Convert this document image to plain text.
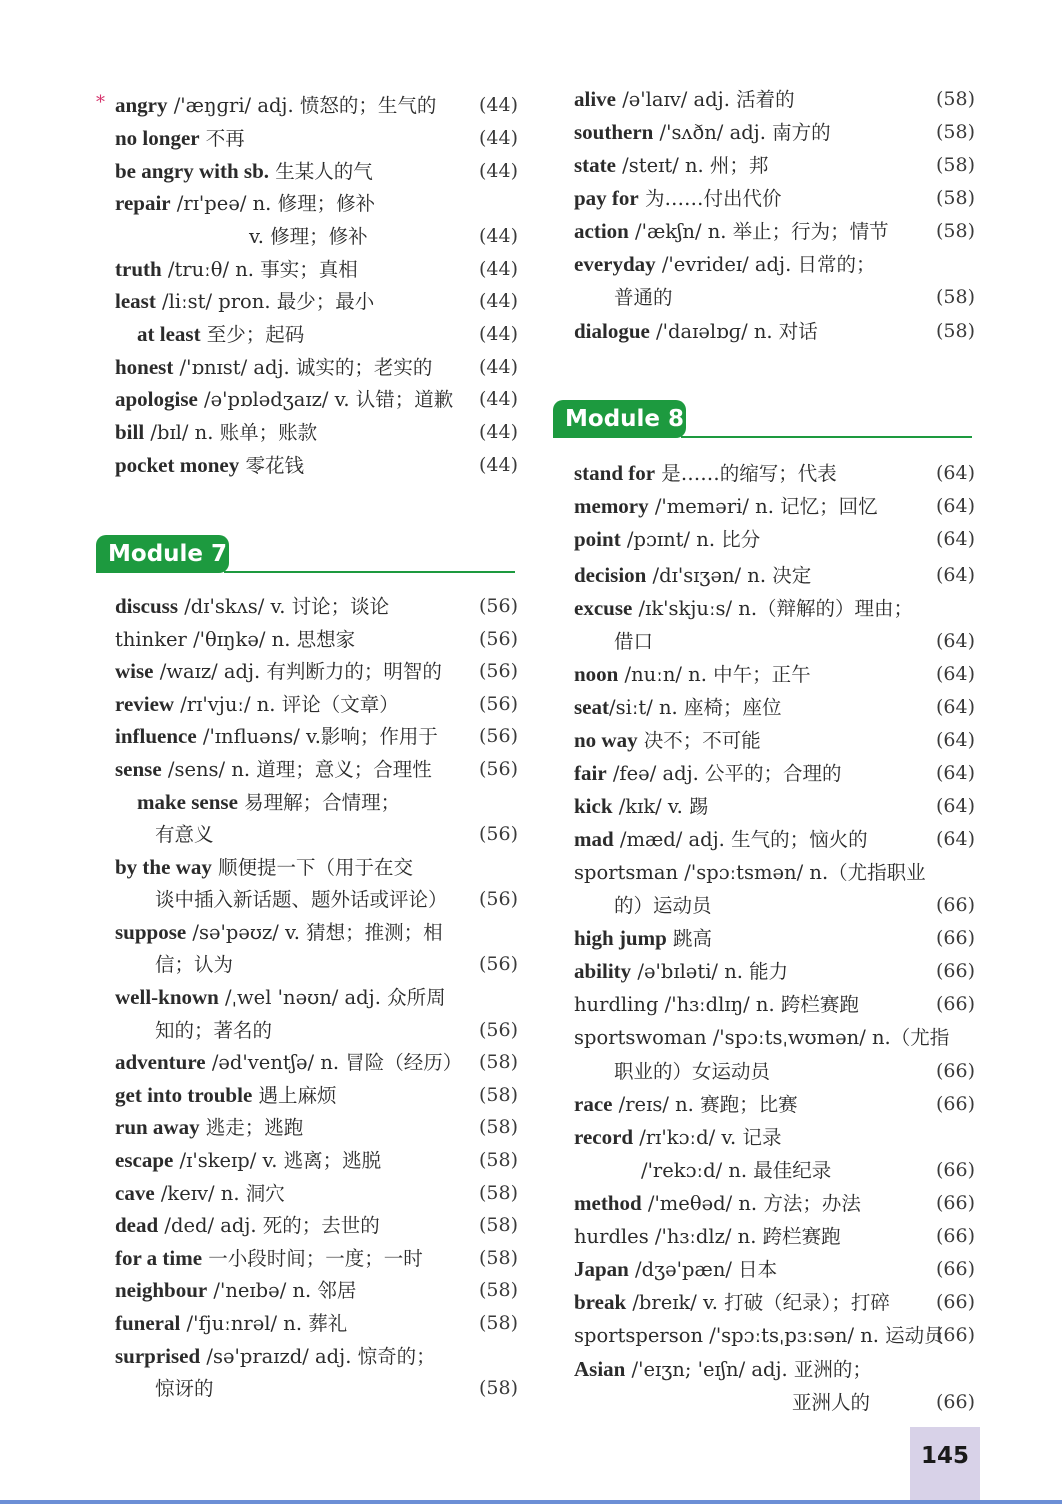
* angry /'æŋɡri/ adj. 愤怒的；生气的 (44)
no longer 不再	(44)
be angry with sb. 生某人的气	(44)
repair /rɪ'peə/ n. 修理；修补
v. 修理；修补	(44)
truth /truːθ/ n. 事实；真相	(44)
least /liːst/ pron. 最少；最小	(44)
at least 至少；起码	(44)
honest /'ɒnɪst/ adj. 诚实的；老实的 (44)
apologise /ə'pɒlədʒaɪz/ v. 认错；道歉 (44)
bill /bɪl/ n. 账单；账款	(44)
pocket money 零花钱	(44)
Module 7
discuss /dɪ'skʌs/ v. 讨论；谈论	(56)
thinker /'θɪŋkə/ n. 思想家	(56)
wise /waɪz/ adj. 有判断力的；明智的 (56)
review /rɪ'vjuː/ n. 评论（文章）	(56)
influence /'ɪnfluəns/ v.影响；作用于 (56)
sense /sens/ n. 道理；意义；合理性 (56)
make sense 易理解；合情理；
有意义	(56)
by the way 顺便提一下（用于在交
谈中插入新话题、题外话或评论） (56)
suppose /sə'pəʊz/ v. 猜想；推测；相
信；认为	(56)
well-known /ˌwel 'nəʊn/ adj. 众所周
知的；著名的	(56)
adventure /əd'ventʃə/ n. 冒险（经历） (58)
get into trouble 遇上麻烦	(58)
run away 逃走；逃跑	(58)
escape /ɪ'skeɪp/ v. 逃离；逃脱	(58)
cave /keɪv/ n. 洞穴	(58)
dead /ded/ adj. 死的；去世的	(58)
for a time 一小段时间；一度；一时	(58)
neighbour /'neɪbə/ n. 邻居	(58)
funeral /'fjuːnrəl/ n. 葬礼	(58)
surprised /sə'praɪzd/ adj. 惊奇的；
惊讶的	(58)
alive /ə'laɪv/ adj. 活着的	(58)
southern /'sʌðn/ adj. 南方的	(58)
state /steɪt/ n. 州；邦	(58)
pay for 为……付出代价	(58)
action /'ækʃn/ n. 举止；行为；情节 (58)
everyday /'evrideɪ/ adj. 日常的；
普通的	(58)
dialogue /'daɪəlɒɡ/ n. 对话	(58)
Module 8
stand for 是……的缩写；代表	(64)
memory /'meməri/ n. 记忆；回忆	(64)
point /pɔɪnt/ n. 比分	(64)
decision /dɪ'sɪʒən/ n. 决定	(64)
excuse /ɪk'skjuːs/ n.（辩解的）理由；
借口	(64)
noon /nuːn/ n. 中午；正午	(64)
seat/siːt/ n. 座椅；座位	(64)
no way 决不；不可能	(64)
fair /feə/ adj. 公平的；合理的	(64)
kick /kɪk/ v. 踢	(64)
mad /mæd/ adj. 生气的；恼火的	(64)
sportsman /'spɔːtsmən/ n.（尤指职业
的）运动员	(66)
high jump 跳高	(66)
ability /ə'bɪləti/ n. 能力	(66)
hurdling /'hɜːdlɪŋ/ n. 跨栏赛跑	(66)
sportswoman /'spɔːtsˌwʊmən/ n.（尤指
职业的）女运动员	(66)
race /reɪs/ n. 赛跑；比赛	(66)
record /rɪ'kɔːd/ v. 记录
/'rekɔːd/ n. 最佳纪录	(66)
method /'meθəd/ n. 方法；办法	(66)
hurdles /'hɜːdlz/ n. 跨栏赛跑	(66)
Japan /dʒə'pæn/ 日本	(66)
break /breɪk/ v. 打破（纪录）；打碎 (66)
sportsperson /'spɔːtsˌpɜːsən/ n. 运动员
(66)
Asian /'eɪʒn; 'eɪʃn/ adj. 亚洲的；
亚洲人的	(66)
145
